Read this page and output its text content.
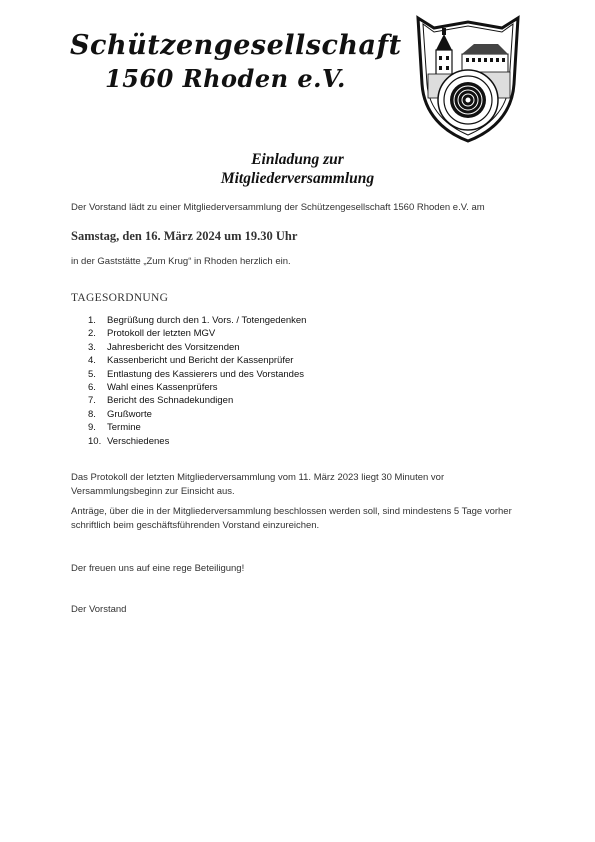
Schützengesellschaft
1560 Rhoden e.V.
Einladung zur
Mitgliederversammlung

Der Vorstand lädt zu einer Mitgliederversammlung der Schützengesellschaft 1560 Rhoden e.V. am

Samstag, den 16. März 2024 um 19.30 Uhr

in der Gaststätte „Zum Krug“ in Rhoden herzlich ein.

TAGESORDNUNG
1. Begrüßung durch den 1. Vors. / Totengedenken
2. Protokoll der letzten MGV
3. Jahresbericht des Vorsitzenden
4. Kassenbericht und Bericht der Kassenprüfer
5. Entlastung des Kassierers und des Vorstandes
6. Wahl eines Kassenprüfers
7. Bericht des Schnadekundigen
8. Grußworte
9. Termine
10. Verschiedenes

Das Protokoll der letzten Mitgliederversammlung vom 11. März 2023 liegt 30 Minuten vor Versammlungsbeginn zur Einsicht aus.

Anträge, über die in der Mitgliederversammlung beschlossen werden soll, sind mindestens 5 Tage vorher schriftlich beim geschäftsführenden Vorstand einzureichen.

Der freuen uns auf eine rege Beteiligung!

Der Vorstand
